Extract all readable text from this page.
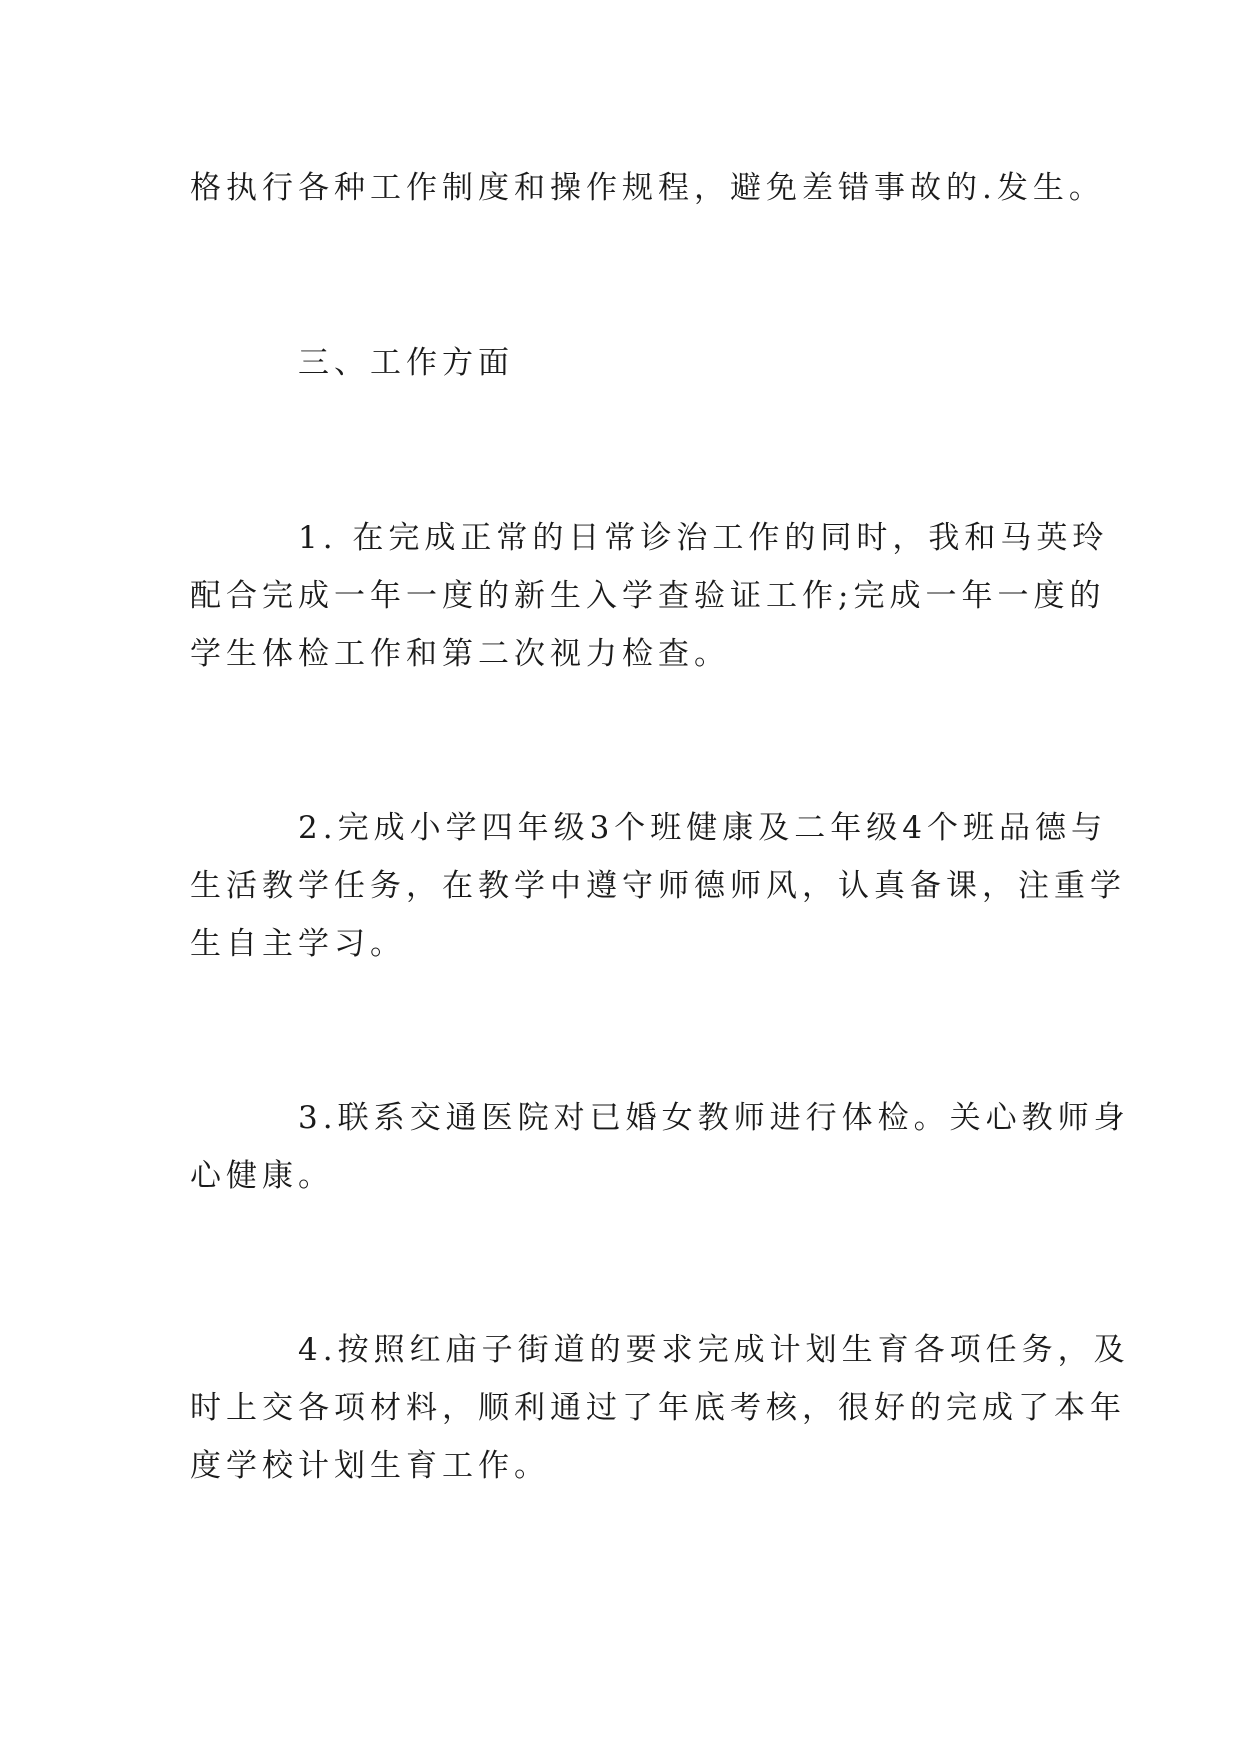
格执行各种工作制度和操作规程，避免差错事故的.发生。
三、工作方面
1. 在完成正常的日常诊治工作的同时，我和马英玲
配合完成一年一度的新生入学查验证工作;完成一年一度的
学生体检工作和第二次视力检查。
2.完成小学四年级3个班健康及二年级4个班品德与
生活教学任务，在教学中遵守师德师风，认真备课，注重学
生自主学习。
3.联系交通医院对已婚女教师进行体检。关心教师身
心健康。
4.按照红庙子街道的要求完成计划生育各项任务，及
时上交各项材料，顺利通过了年底考核，很好的完成了本年
度学校计划生育工作。
